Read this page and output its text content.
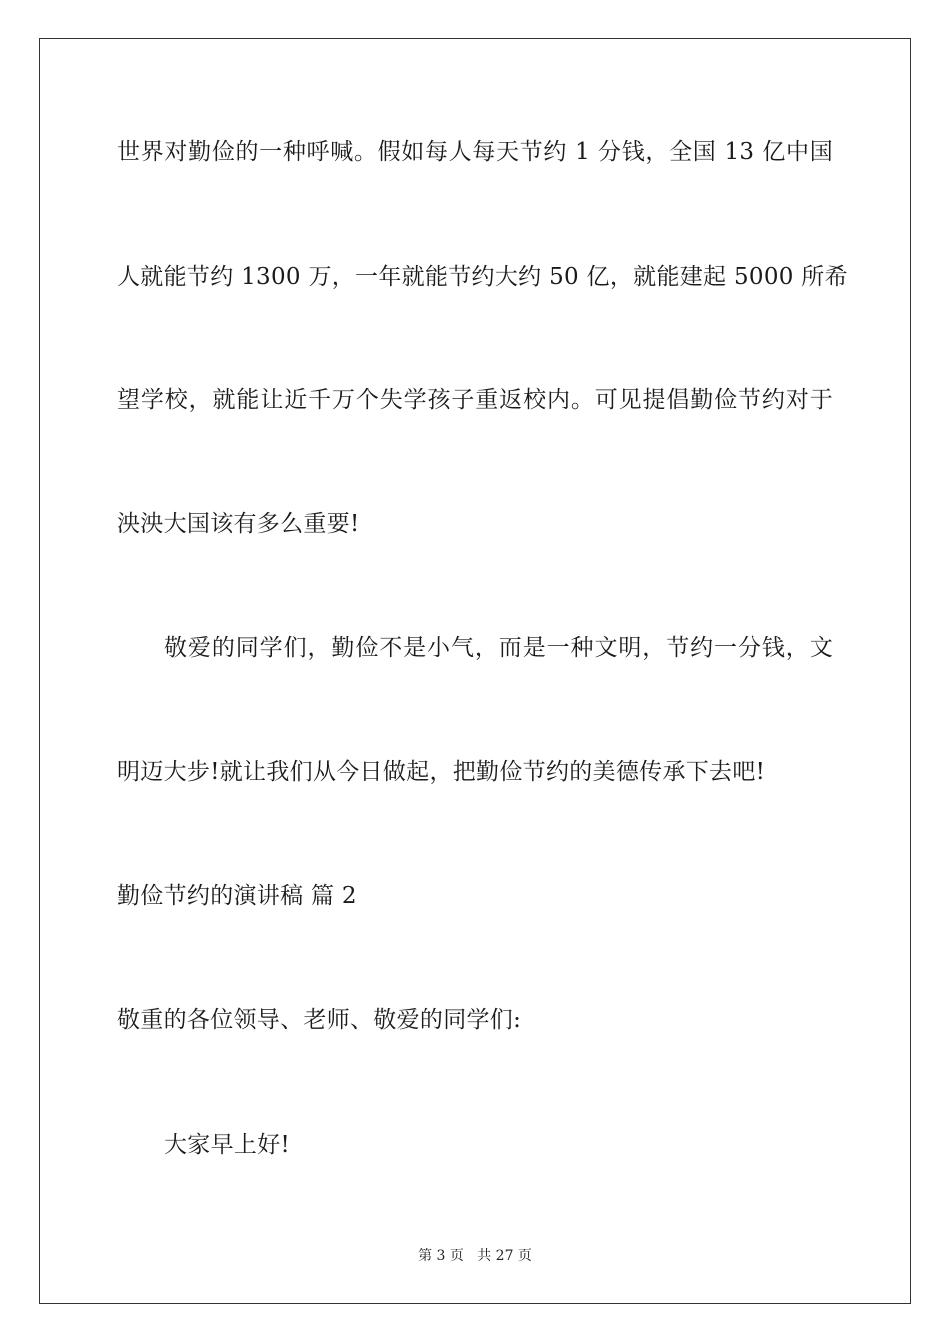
世界对勤俭的一种呼喊。假如每人每天节约 1 分钱，全国 13 亿中国
人就能节约 1300 万，一年就能节约大约 50 亿，就能建起 5000 所希
望学校，就能让近千万个失学孩子重返校内。可见提倡勤俭节约对于
泱泱大国该有多么重要!
敬爱的同学们，勤俭不是小气，而是一种文明，节约一分钱，文
明迈大步!就让我们从今日做起，把勤俭节约的美德传承下去吧!
勤俭节约的演讲稿 篇 2
敬重的各位领导、老师、敬爱的同学们:
大家早上好!
第 3 页   共 27 页
